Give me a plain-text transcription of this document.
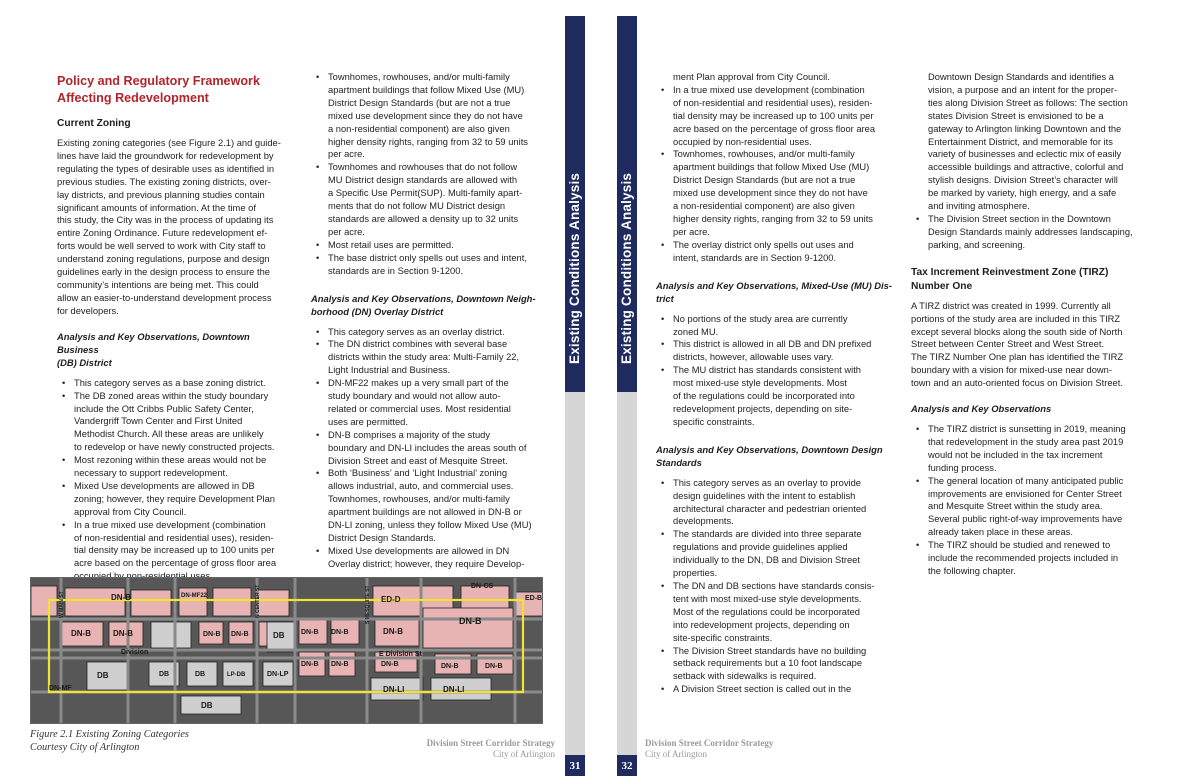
Policy and Regulatory Framework
Affecting Redevelopment
Current Zoning
Existing zoning categories (see Figure 2.1) and guide-
lines have laid the groundwork for redevelopment by
regulating the types of desirable uses as identified in
previous studies. The existing zoning districts, over-
lay districts, and previous planning studies contain
significant amounts of information. At the time of
this study, the City was in the process of updating its
entire Zoning Ordinance. Future redevelopment ef-
forts would be well served to work with City staff to
understand zoning regulations, purpose and design
guidelines early in the design process to ensure the
community’s intentions are being met. This could
allow an easier-to-understand development process
for developers.
Analysis and Key Observations, Downtown Business
(DB) District
• This category serves as a base zoning district.
• The DB zoned areas within the study boundary
include the Ott Cribbs Public Safety Center,
Vandergriff Town Center and First United
Methodist Church. All these areas are unlikely
to redevelop or have newly constructed projects.
• Most rezoning within these areas would not be
necessary to support redevelopment.
• Mixed Use developments are allowed in DB
zoning; however, they require Development Plan
approval from City Council.
• In a true mixed use development (combination
of non-residential and residential uses), residen-
tial density may be increased up to 100 units per
acre based on the percentage of gross floor area
• Townhomes, rowhouses, and/or multi-family
apartment buildings that follow Mixed Use (MU)
District Design Standards (but are not a true
mixed use development since they do not have
a non-residential component) are also given
higher density rights, ranging from 32 to 59 units
per acre.
• Townhomes and rowhouses that do not follow
MU District design standards are allowed with
a Specific Use Permit(SUP). Multi-family apart-
ments that do not follow MU District design
standards are allowed a density up to 32 units
per acre.
• Most retail uses are permitted.
• The base district only spells out uses and intent,
standards are in Section 9-1200.
Analysis and Key Observations, Downtown Neigh-
borhood (DN) Overlay District
• This category serves as an overlay district.
• The DN district combines with several base
districts within the study area: Multi-Family 22,
Light Industrial and Business.
• DN-MF22 makes up a very small part of the
study boundary and would not allow auto-
related or commercial uses. Most residential
uses are permitted.
• DN-B comprises a majority of the study
boundary and DN-LI includes the areas south of
Division Street and east of Mesquite Street.
• Both ‘Business’ and ‘Light Industrial’ zoning
allows industrial, auto, and commercial uses.
Townhomes, rowhouses, and/or multi-family
apartment buildings are not allowed in DN-B or
DN-LI zoning, unless they follow Mixed Use (MU)
District Design Standards.
• Mixed Use developments are allowed in DN
Overlay district; however, they require Develop-
DN-B	DN-MF22	ED-D
DN-CS
ED-B
DN-B	DN-B	DN-B DN-B	DB DN-B DN-B	DN-B
DN-B
Division	E Division St
DN-B	DN-B	DN-B
DN-B DN-B
DB	DB	DB	LP-DB	DN-LP
DN-LI	DN-LI
DB
DN-MF
N CENTER ST	S MESQUITE ST
W MAIN ST
Figure 2.1 Existing Zoning Categories
Courtesy City of Arlington	Division Street Corridor Strategy
City of Arlington
Existing Conditions Analysis
31
Existing Conditions Analysis
32
Division Street Corridor Strategy
City of Arlington
ment Plan approval from City Council.
• In a true mixed use development (combination
of non-residential and residential uses), residen-
tial density may be increased up to 100 units per
acre based on the percentage of gross floor area
occupied by non-residential uses.
• Townhomes, rowhouses, and/or multi-family
apartment buildings that follow Mixed Use (MU)
District Design Standards (but are not a true
mixed use development since they do not have
a non-residential component) are also given
higher density rights, ranging from 32 to 59 units
per acre.
• The overlay district only spells out uses and
intent, standards are in Section 9-1200.
Analysis and Key Observations, Mixed-Use (MU) Dis-
trict
• No portions of the study area are currently
zoned MU.
• This district is allowed in all DB and DN prefixed
districts, however, allowable uses vary.
• The MU district has standards consistent with
most mixed-use style developments. Most
of the regulations could be incorporated into
redevelopment projects, depending on site-
specific constraints.
Analysis and Key Observations, Downtown Design
Standards
• This category serves as an overlay to provide
design guidelines with the intent to establish
architectural character and pedestrian oriented
developments.
• The standards are divided into three separate
regulations and provide guidelines applied
individually to the DN, DB and Division Street
properties.
• The DN and DB sections have standards consis-
tent with most mixed-use style developments.
Most of the regulations could be incorporated
into redevelopment projects, depending on
site-specific constraints.
• The Division Street standards have no building
setback requirements but a 10 foot landscape
setback with sidewalks is required.
• A Division Street section is called out in the
Downtown Design Standards and identifies a
vision, a purpose and an intent for the proper-
ties along Division Street as follows: The section
states Division Street is envisioned to be a
gateway to Arlington linking Downtown and the
Entertainment District, and memorable for its
variety of businesses and eclectic mix of easily
accessible buildings and attractive, colorful and
stylish designs. Division Street’s character will
be marked by variety, high energy, and a safe
and inviting atmosphere.
• The Division Street section in the Downtown
Design Standards mainly addresses landscaping,
parking, and screening.
Tax Increment Reinvestment Zone (TIRZ)
Number One
A TIRZ district was created in 1999. Currently all
portions of the study area are included in this TIRZ
except several blocks along the south side of North
Street between Center Street and West Street.
The TIRZ Number One plan has identified the TIRZ
boundary with a vision for mixed-use near down-
town and an auto-oriented focus on Division Street.
Analysis and Key Observations
• The TIRZ district is sunsetting in 2019, meaning
that redevelopment in the study area past 2019
would not be included in the tax increment
funding process.
• The general location of many anticipated public
improvements are envisioned for Center Street
and Mesquite Street within the study area.
Several public right-of-way improvements have
already taken place in these areas.
• The TIRZ should be studied and renewed to
include the recommended projects included in
the following chapter.
